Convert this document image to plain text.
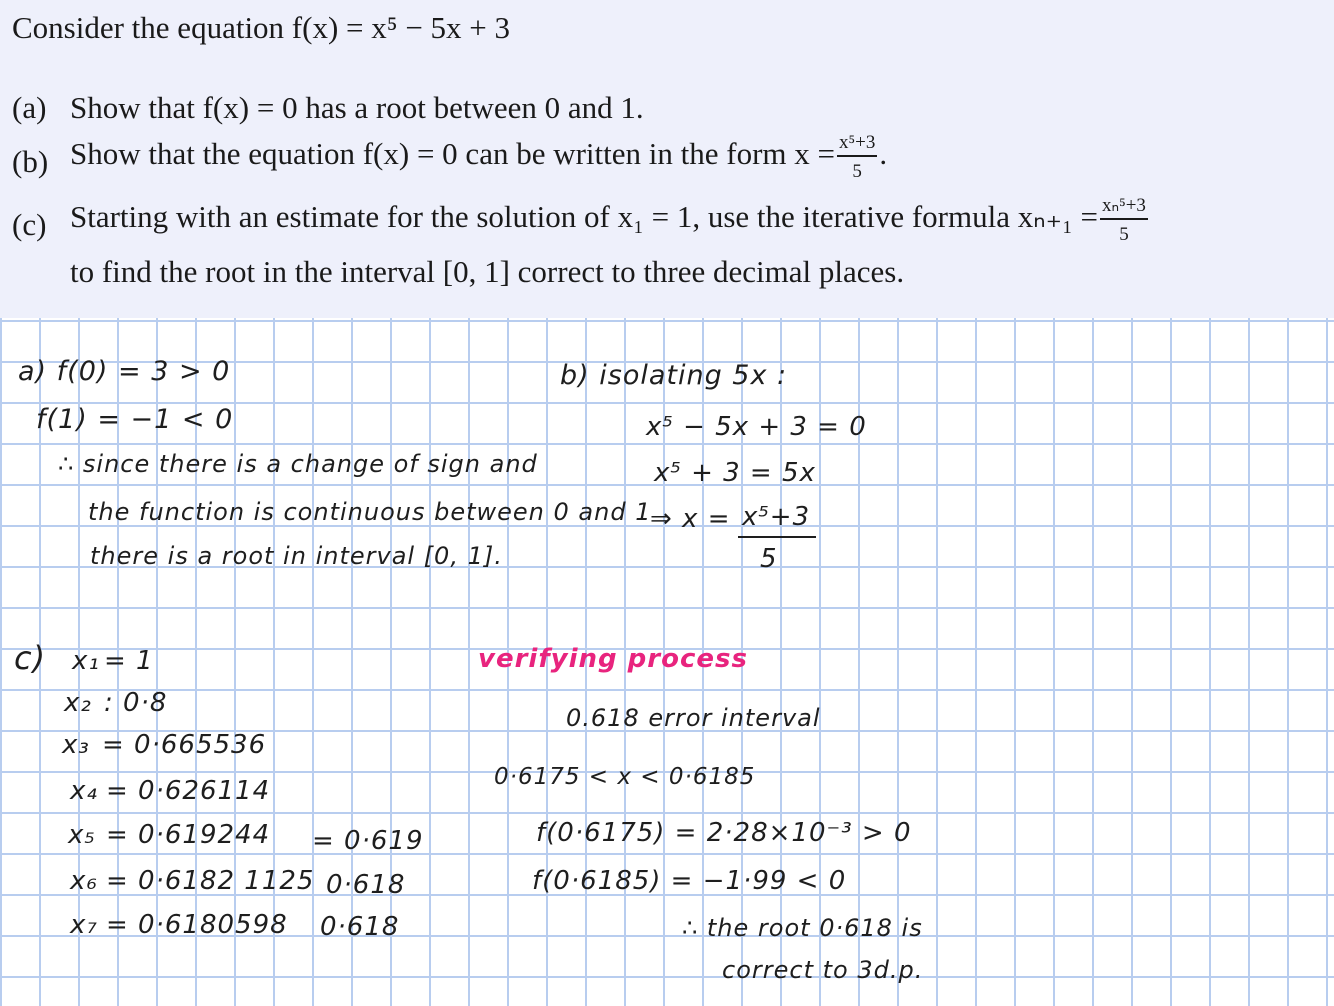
Consider the equation f(x) = x⁵ − 5x + 3
(a) Show that f(x) = 0 has a root between 0 and 1.
(b) Show that the equation f(x) = 0 can be written in the form $x = \frac{\text{x⁵+3}}{5}$ .
(c) Starting with an estimate for the solution of x₁ = 1, use the iterative formula $x_{n+1} = \frac{\text{xₙ⁵+3}}{5}$
to find the root in the interval [0, 1] correct to three decimal places.
a) f(0) = 3 > 0
f(1) = −1 < 0
∴ since there is a change of sign and
the function is continuous between 0 and 1
there is a root in interval [0, 1].
b) isolating 5x :
x⁵ − 5x + 3 = 0
x⁵ + 3 = 5x
⇒ x = x⁵+3
5
c) x₁ = 1
x₂ : 0·8
x₃ = 0·665536
x₄ = 0·626114
x₅ = 0·619244 = 0·619
x₆ = 0·6182 1125 0·618
x₇ = 0·6180598 0·618
verifying process
0.618 error interval
0·6175 < x < 0·6185
f(0·6175) = 2·28×10⁻³ > 0
f(0·6185) = −1·99 < 0
∴ the root 0·618 is
correct to 3d.p.
